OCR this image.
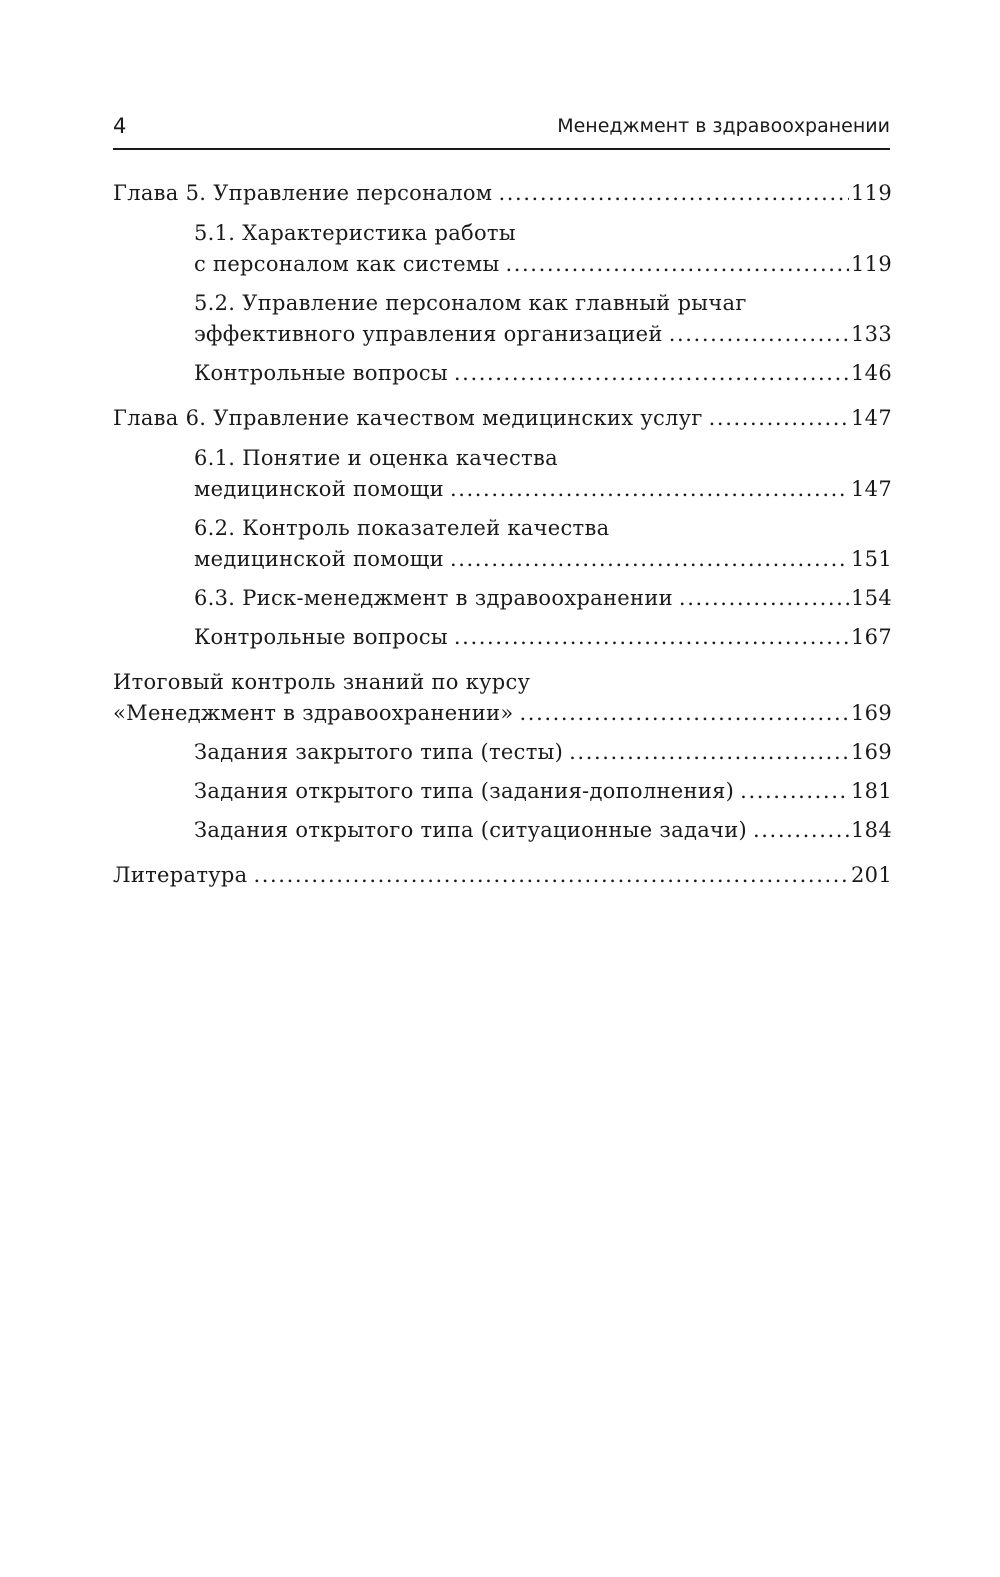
4	Менеджмент в здравоохранении
Глава 5. Управление персоналом .....	119
5.1. Характеристика работы
с персоналом как системы .....	119
5.2. Управление персоналом как главный рычаг
эффективного управления организацией .....	133
Контрольные вопросы .....	146
Глава 6. Управление качеством медицинских услуг .....	147
6.1. Понятие и оценка качества
медицинской помощи .....	147
6.2. Контроль показателей качества
медицинской помощи .....	151
6.3. Риск-менеджмент в здравоохранении .....	154
Контрольные вопросы .....	167
Итоговый контроль знаний по курсу
«Менеджмент в здравоохранении» .....	169
Задания закрытого типа (тесты) .....	169
Задания открытого типа (задания-дополнения) .....	181
Задания открытого типа (ситуационные задачи) .....	184
Литература .....	201
